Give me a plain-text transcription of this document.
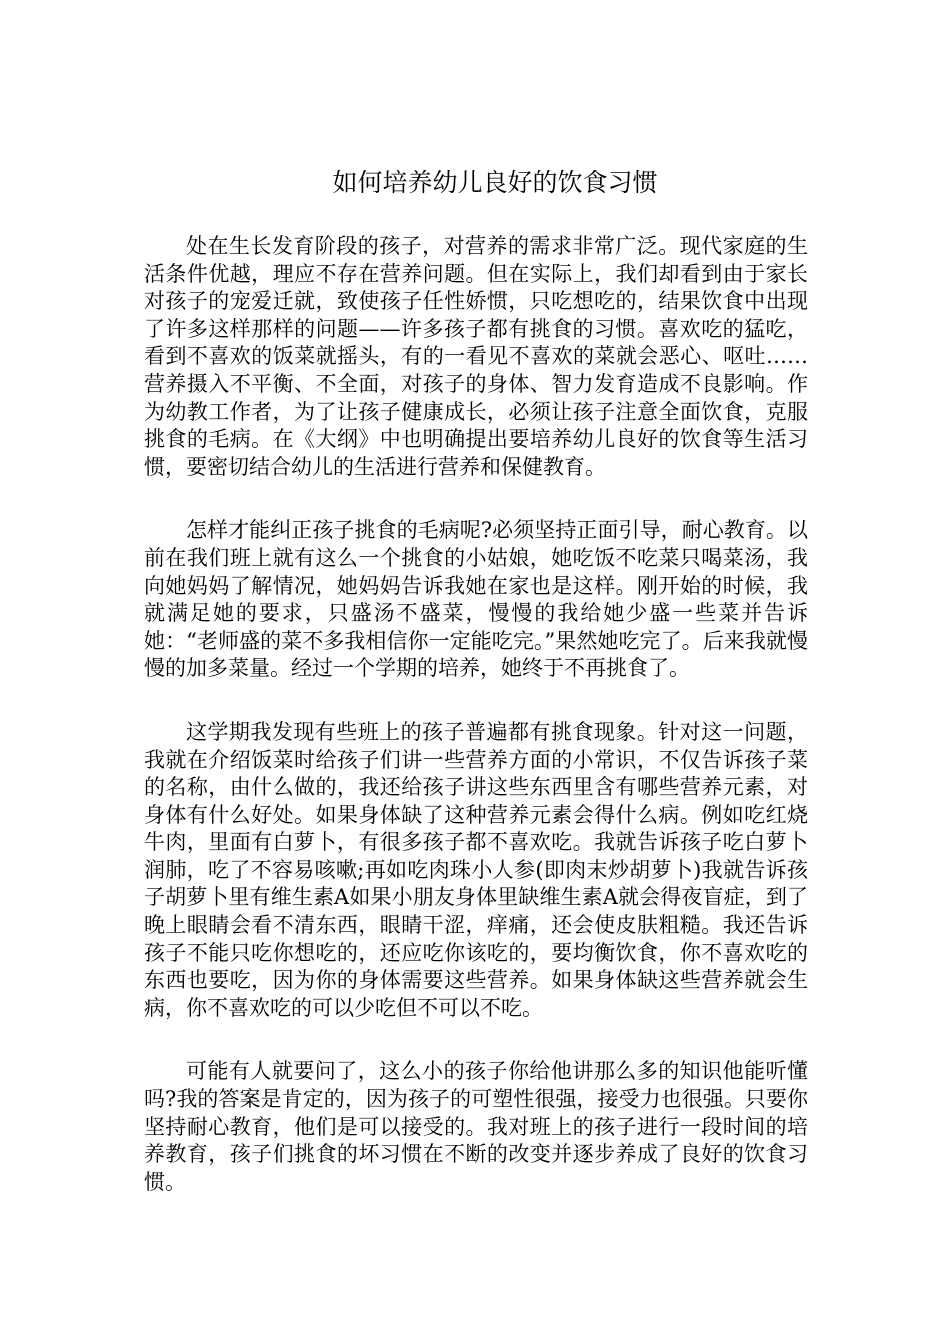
如何培养幼儿良好的饮食习惯

处在生长发育阶段的孩子，对营养的需求非常广泛。现代家庭的生活条件优越，理应不存在营养问题。但在实际上，我们却看到由于家长对孩子的宠爱迁就，致使孩子任性娇惯，只吃想吃的，结果饮食中出现了许多这样那样的问题——许多孩子都有挑食的习惯。喜欢吃的猛吃，看到不喜欢的饭菜就摇头，有的一看见不喜欢的菜就会恶心、呕吐……营养摄入不平衡、不全面，对孩子的身体、智力发育造成不良影响。作为幼教工作者，为了让孩子健康成长，必须让孩子注意全面饮食，克服挑食的毛病。在《大纲》中也明确提出要培养幼儿良好的饮食等生活习惯，要密切结合幼儿的生活进行营养和保健教育。

怎样才能纠正孩子挑食的毛病呢?必须坚持正面引导，耐心教育。以前在我们班上就有这么一个挑食的小姑娘，她吃饭不吃菜只喝菜汤，我向她妈妈了解情况，她妈妈告诉我她在家也是这样。刚开始的时候，我就满足她的要求，只盛汤不盛菜，慢慢的我给她少盛一些菜并告诉她：“老师盛的菜不多我相信你一定能吃完。”果然她吃完了。后来我就慢慢的加多菜量。经过一个学期的培养，她终于不再挑食了。

这学期我发现有些班上的孩子普遍都有挑食现象。针对这一问题，我就在介绍饭菜时给孩子们讲一些营养方面的小常识，不仅告诉孩子菜的名称，由什么做的，我还给孩子讲这些东西里含有哪些营养元素，对身体有什么好处。如果身体缺了这种营养元素会得什么病。例如吃红烧牛肉，里面有白萝卜，有很多孩子都不喜欢吃。我就告诉孩子吃白萝卜润肺，吃了不容易咳嗽;再如吃肉珠小人参(即肉末炒胡萝卜)我就告诉孩子胡萝卜里有维生素A如果小朋友身体里缺维生素A就会得夜盲症，到了晚上眼睛会看不清东西，眼睛干涩，痒痛，还会使皮肤粗糙。我还告诉孩子不能只吃你想吃的，还应吃你该吃的，要均衡饮食，你不喜欢吃的东西也要吃，因为你的身体需要这些营养。如果身体缺这些营养就会生病，你不喜欢吃的可以少吃但不可以不吃。

可能有人就要问了，这么小的孩子你给他讲那么多的知识他能听懂吗?我的答案是肯定的，因为孩子的可塑性很强，接受力也很强。只要你坚持耐心教育，他们是可以接受的。我对班上的孩子进行一段时间的培养教育，孩子们挑食的坏习惯在不断的改变并逐步养成了良好的饮食习惯。
